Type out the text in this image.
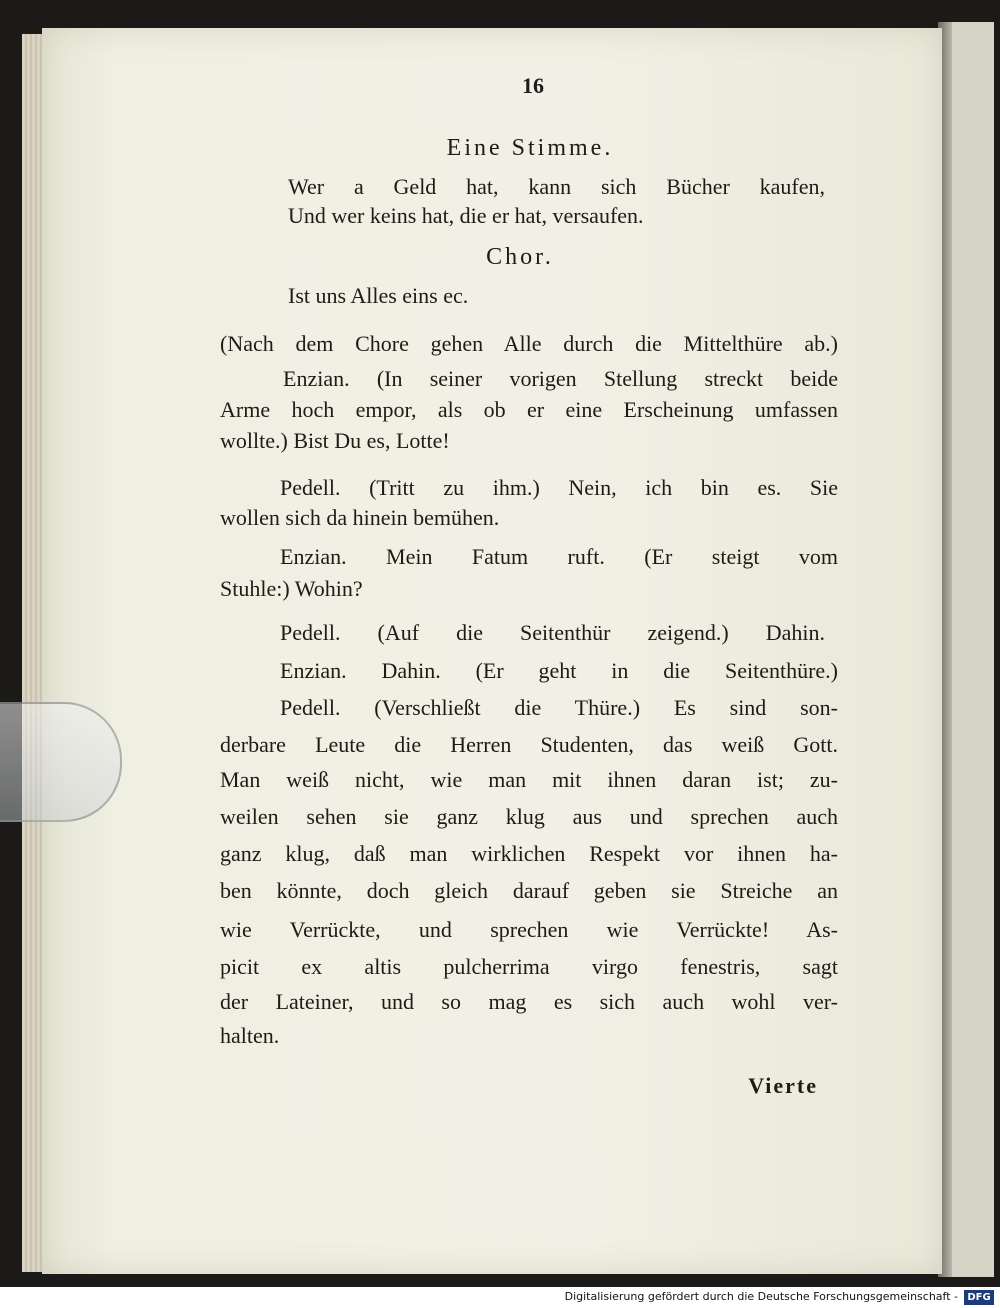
16
Eine Stimme.
Wer a Geld hat, kann sich Bücher kaufen,
Und wer keins hat, die er hat, versaufen.
Chor.
Ist uns Alles eins ec.
(Nach dem Chore gehen Alle durch die Mittelthüre ab.)
Enzian. (In seiner vorigen Stellung streckt beide
Arme hoch empor, als ob er eine Erscheinung umfassen
wollte.) Bist Du es, Lotte!
Pedell. (Tritt zu ihm.) Nein, ich bin es. Sie
wollen sich da hinein bemühen.
Enzian. Mein Fatum ruft. (Er steigt vom
Stuhle:) Wohin?
Pedell. (Auf die Seitenthür zeigend.) Dahin.
Enzian. Dahin. (Er geht in die Seitenthüre.)
Pedell. (Verschließt die Thüre.) Es sind son-
derbare Leute die Herren Studenten, das weiß Gott.
Man weiß nicht, wie man mit ihnen daran ist; zu-
weilen sehen sie ganz klug aus und sprechen auch
ganz klug, daß man wirklichen Respekt vor ihnen ha-
ben könnte, doch gleich darauf geben sie Streiche an
wie Verrückte, und sprechen wie Verrückte! As-
picit ex altis pulcherrima virgo fenestris, sagt
der Lateiner, und so mag es sich auch wohl ver-
halten.
Vierte
Digitalisierung gefördert durch die Deutsche Forschungsgemeinschaft - DFG
